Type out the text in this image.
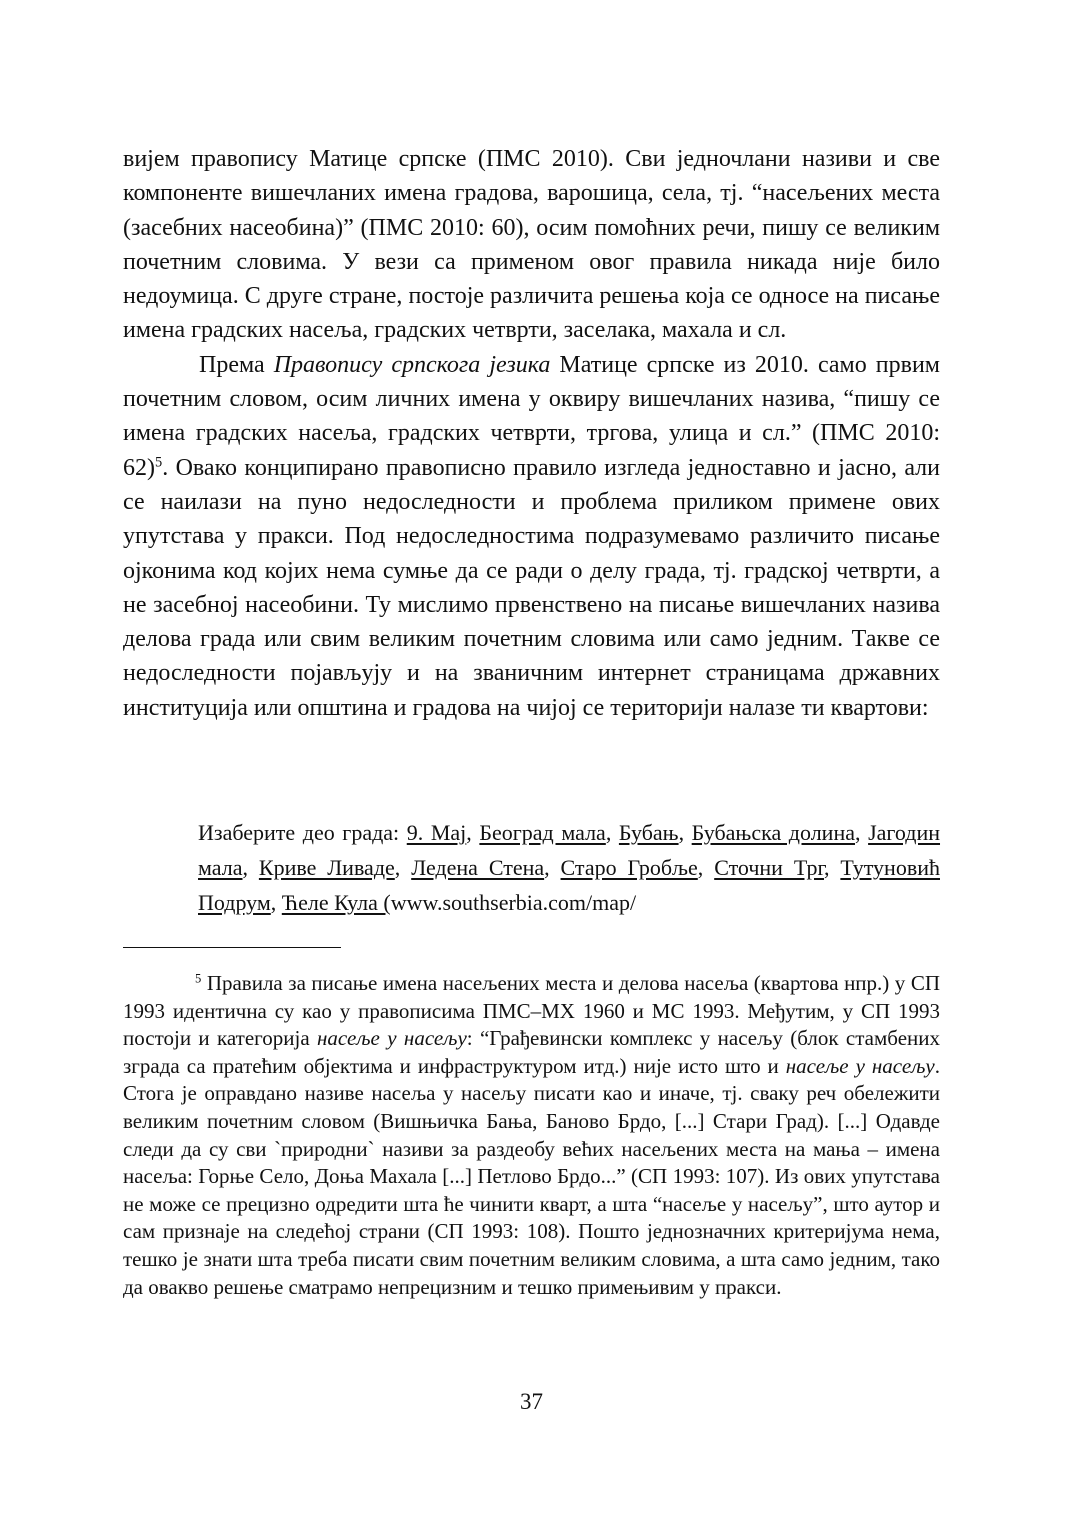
вијем правопису Матице српске (ПМС 2010). Сви једночлани називи и све компоненте вишечланих имена градова, варошица, села, тј. “насељених места (засебних насеобина)” (ПМС 2010: 60), осим помоћних речи, пишу се великим почетним словима. У вези са применом овог правила никада није било недоумица. С друге стране, постоје различита решења која се односе на писање имена градских насеља, градских четврти, заселака, махала и сл.

Према Правопису српскога језика Матице српске из 2010. само првим почетним словом, осим личних имена у оквиру вишечланих назива, “пишу се имена градских насеља, градских четврти, тргова, улица и сл.” (ПМС 2010: 62)$^5$. Овако конципирано правописно правило изгледа једноставно и јасно, али се наилази на пуно недоследности и проблема приликом примене ових упутстава у пракси. Под недоследностима подразумевамо различито писање ојконима код којих нема сумње да се ради о делу града, тј. градској четврти, а не засебној насеобини. Ту мислимо првенствено на писање вишечланих назива делова града или свим великим почетним словима или само једним. Такве се недоследности појављују и на званичним интернет страницама државних институција или општина и градова на чијој се територији налазе ти квартови:

Изаберите део града: 9. Мај, Београд мала, Бубањ, Бубањска долина, Јагодин мала, Криве Ливаде, Ледена Стена, Старо Гробље, Сточни Трг, Тутуновић Подрум, Ћеле Кула (www.southserbia.com/map/

$^5$ Правила за писање имена насељених места и делова насеља (квартова нпр.) у СП 1993 идентична су као у правописима ПМС–МХ 1960 и МС 1993. Међутим, у СП 1993 постоји и категорија насеље у насељу: “Грађевински комплекс у насељу (блок стамбених зграда са пратећим објектима и инфраструктуром итд.) није исто што и насеље у насељу. Стога је оправдано називе насеља у насељу писати као и иначе, тј. сваку реч обележити великим почетним словом (Вишњичка Бања, Баново Брдо, [...] Стари Град). [...] Одавде следи да су сви `природни` називи за раздеобу већих насељених места на мања – имена насеља: Горње Село, Доња Махала [...] Петлово Брдо...” (СП 1993: 107). Из ових упутстава не може се прецизно одредити шта ће чинити кварт, а шта “насеље у насељу”, што аутор и сам признаје на следећој страни (СП 1993: 108). Пошто једнозначних критеријума нема, тешко је знати шта треба писати свим почетним великим словима, а шта само једним, тако да овакво решење сматрамо непрецизним и тешко примењивим у пракси.

37
